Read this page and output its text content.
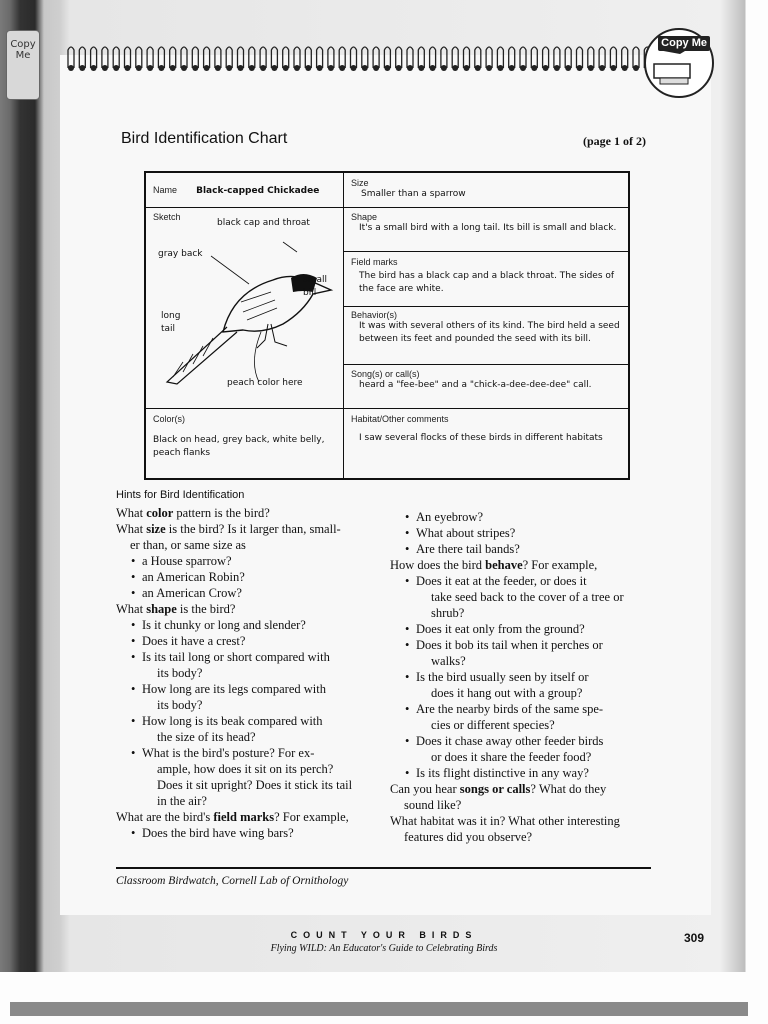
Copy
Me
Copy Me
Bird Identification Chart	(page 1 of 2)
Name Black-capped Chickadee
Size
Smaller than a sparrow
Sketch
black cap and throat
gray back
small bill
long tail
peach color here
Shape
It's a small bird with a long tail. Its bill is small and black.
Field marks
The bird has a black cap and a black throat. The sides of the face are white.
Behavior(s)
It was with several others of its kind. The bird held a seed between its feet and pounded the seed with its bill.
Song(s) or call(s)
heard a "fee-bee" and a "chick-a-dee-dee-dee" call.
Color(s)
Black on head, grey back, white belly, peach flanks
Habitat/Other comments
I saw several flocks of these birds in different habitats
Hints for Bird Identification
What color pattern is the bird?
What size is the bird? Is it larger than, small-
er than, or same size as
• a House sparrow?
• an American Robin?
• an American Crow?
What shape is the bird?
• Is it chunky or long and slender?
• Does it have a crest?
• Is its tail long or short compared with
its body?
• How long are its legs compared with
its body?
• How long is its beak compared with
the size of its head?
• What is the bird's posture? For ex-
ample, how does it sit on its perch?
Does it sit upright? Does it stick its tail
in the air?
What are the bird's field marks? For example,
• Does the bird have wing bars?
• An eyebrow?
• What about stripes?
• Are there tail bands?
How does the bird behave? For example,
• Does it eat at the feeder, or does it
take seed back to the cover of a tree or
shrub?
• Does it eat only from the ground?
• Does it bob its tail when it perches or
walks?
• Is the bird usually seen by itself or
does it hang out with a group?
• Are the nearby birds of the same spe-
cies or different species?
• Does it chase away other feeder birds
or does it share the feeder food?
• Is its flight distinctive in any way?
Can you hear songs or calls? What do they
sound like?
What habitat was it in? What other interesting
features did you observe?
Classroom Birdwatch, Cornell Lab of Ornithology
COUNT YOUR BIRDS
Flying WILD: An Educator's Guide to Celebrating Birds
309
